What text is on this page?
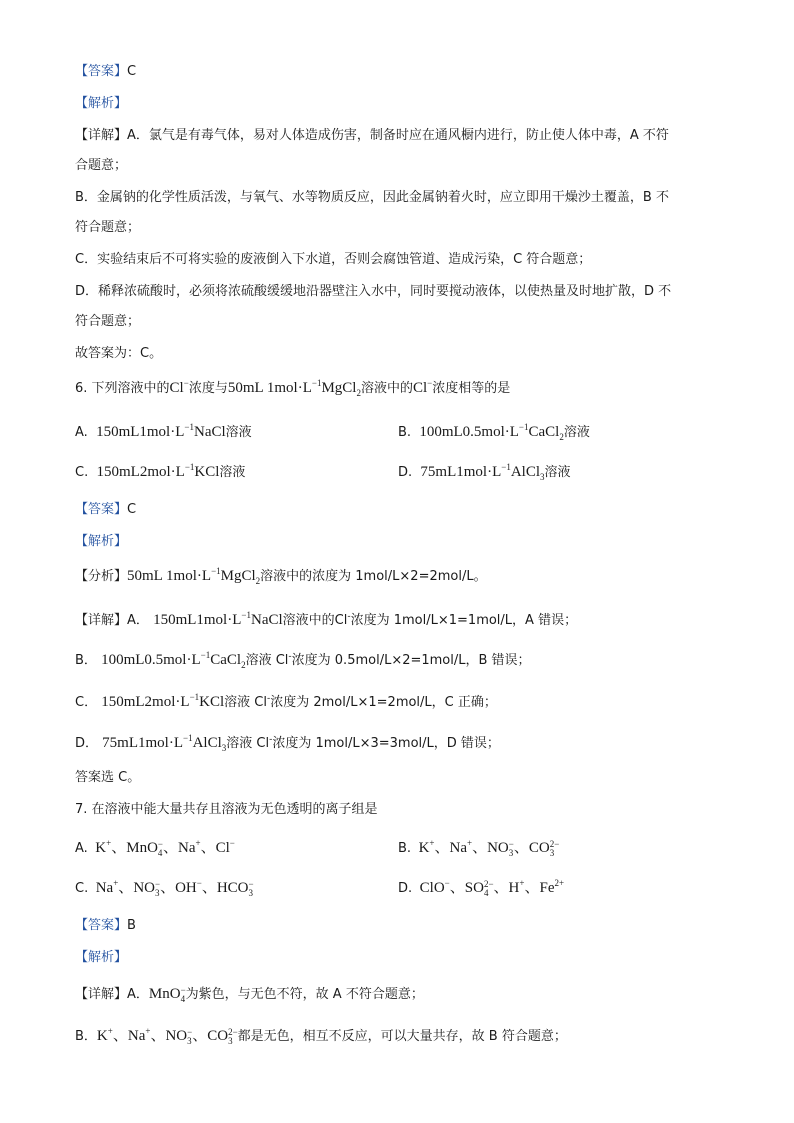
【答案】C
【解析】
【详解】A．氯气是有毒气体，易对人体造成伤害，制备时应在通风橱内进行，防止使人体中毒，A 不符
合题意；
B．金属钠的化学性质活泼，与氧气、水等物质反应，因此金属钠着火时，应立即用干燥沙土覆盖，B 不
符合题意；
C．实验结束后不可将实验的废液倒入下水道，否则会腐蚀管道、造成污染，C 符合题意；
D．稀释浓硫酸时，必须将浓硫酸缓缓地沿器壁注入水中，同时要搅动液体，以使热量及时地扩散，D 不
符合题意；
故答案为：C。
6. 下列溶液中的Cl−浓度与50mL $1mol\cdot L^{-1}MgCl_2$溶液中的Cl−浓度相等的是
A. $150mL1mol\cdot L^{-1}NaCl$溶液	B. $100mL0.5mol\cdot L^{-1}CaCl_2$溶液
C. $150mL2mol\cdot L^{-1}KCl$溶液	D. $75mL1mol\cdot L^{-1}AlCl_3$溶液
【答案】C
【解析】
【分析】50mL $1mol\cdot L^{-1}MgCl_2$溶液中的浓度为 1mol/L×2=2mol/L。
【详解】A． $150mL1mol\cdot L^{-1}NaCl$溶液中的Cl-浓度为 1mol/L×1=1mol/L，A 错误；
B． $100mL0.5mol\cdot L^{-1}CaCl_2$溶液 Cl-浓度为 0.5mol/L×2=1mol/L，B 错误；
C． $150mL2mol\cdot L^{-1}KCl$溶液 Cl-浓度为 2mol/L×1=2mol/L，C 正确；
D． $75mL1mol\cdot L^{-1}AlCl_3$溶液 Cl-浓度为 1mol/L×3=3mol/L，D 错误；
答案选 C。
7. 在溶液中能大量共存且溶液为无色透明的离子组是
A. K+、MnO −
4 、Na+、Cl−	B. K+、Na+、NO −
3 、CO 2−
3
C. Na+、NO −
3 、OH−、HCO −
3	D. ClO−、SO 2−
4 、H+、$Fe^{2+}$
【答案】B
【解析】
【详解】A．MnO −
4 为紫色，与无色不符，故 A 不符合题意；
B．K+、Na+、NO −
3 、CO 2−
3 都是无色，相互不反应，可以大量共存，故 B 符合题意；
